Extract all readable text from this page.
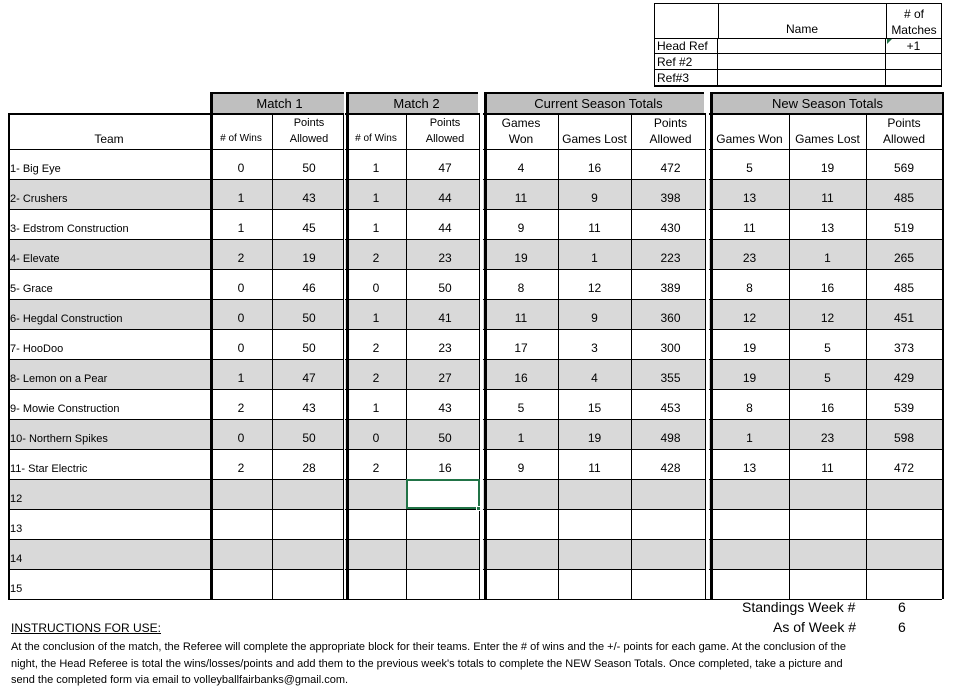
Name
# of
Matches
Head Ref	+1
Ref #2
Ref#3
Match 1	Match 2	Current Season Totals	New Season Totals
Team	# of Wins
Points
Allowed	# of Wins
Points
Allowed
Games
Won	Games Lost
Points
Allowed	Games Won	Games Lost
Points
Allowed
1- Big Eye	0	50	1	47	4	16	472	5	19	569
2- Crushers	1	43	1	44	11	9	398	13	11	485
3- Edstrom Construction	1	45	1	44	9	11	430	11	13	519
4- Elevate	2	19	2	23	19	1	223	23	1	265
5- Grace	0	46	0	50	8	12	389	8	16	485
6- Hegdal Construction	0	50	1	41	11	9	360	12	12	451
7- HooDoo	0	50	2	23	17	3	300	19	5	373
8- Lemon on a Pear	1	47	2	27	16	4	355	19	5	429
9- Mowie Construction	2	43	1	43	5	15	453	8	16	539
10- Northern Spikes	0	50	0	50	1	19	498	1	23	598
11- Star Electric	2	28	2	16	9	11	428	13	11	472
12
13
14
15
Standings Week #	6
As of Week #	6
INSTRUCTIONS FOR USE:
At the conclusion of the match, the Referee will complete the appropriate block for their teams. Enter the # of wins and the +/- points for each game. At the conclusion of the
night, the Head Referee is total the wins/losses/points and add them to the previous week's totals to complete the NEW Season Totals. Once completed, take a picture and
send the completed form via email to volleyballfairbanks@gmail.com.
